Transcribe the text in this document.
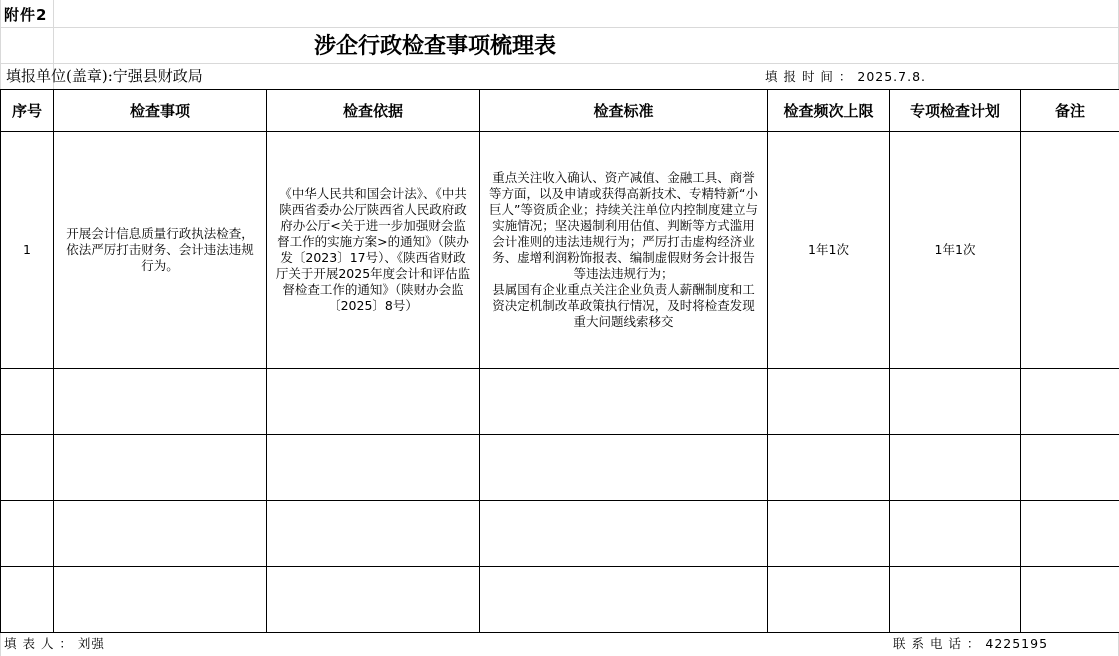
附件2
涉企行政检查事项梳理表
填报单位(盖章):宁强县财政局	填 报 时 间 ： 2025.7.8.
序号	检查事项	检查依据	检查标准	检查频次上限	专项检查计划	备注
1	开展会计信息质量行政执法检查，依法严厉打击财务、会计违法违规行为。	《中华人民共和国会计法》、《中共陕西省委办公厅陕西省人民政府政府办公厅<关于进一步加强财会监督工作的实施方案>的通知》（陕办发〔2023〕17号）、《陕西省财政厅关于开展2025年度会计和评估监督检查工作的通知》（陕财办会监〔2025〕8号）	重点关注收入确认、资产减值、金融工具、商誉等方面，以及申请或获得高新技术、专精特新“小巨人”等资质企业；持续关注单位内控制度建立与实施情况；坚决遏制利用估值、判断等方式滥用会计准则的违法违规行为；严厉打击虚构经济业务、虚增利润粉饰报表、编制虚假财务会计报告等违法违规行为；
县属国有企业重点关注企业负责人薪酬制度和工资决定机制改革政策执行情况，及时将检查发现重大问题线索移交	1年1次	1年1次	

填 表 人 ： 刘强	联 系 电 话 ： 4225195
